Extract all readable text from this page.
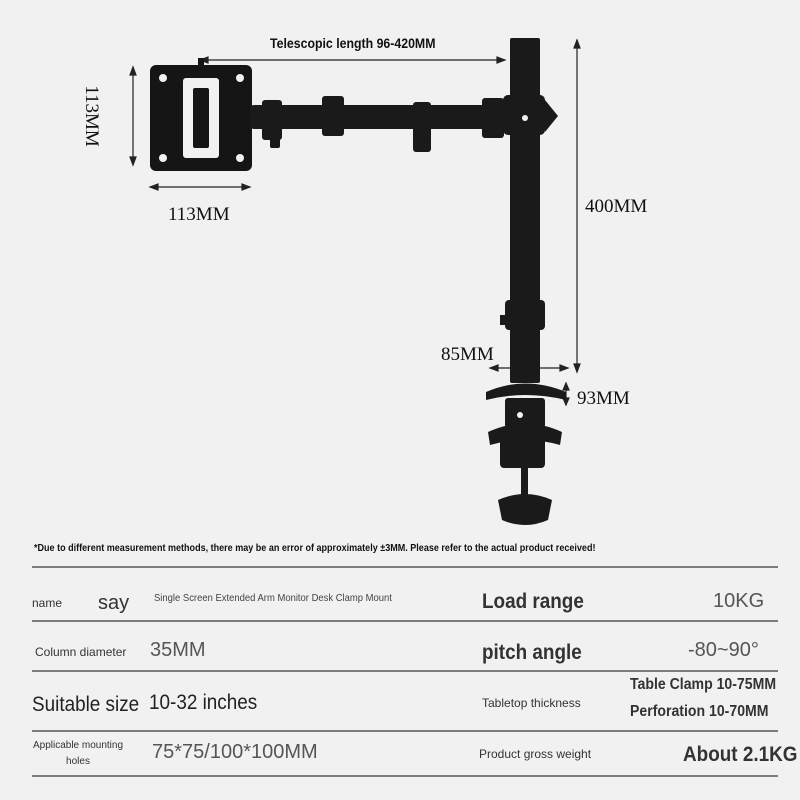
Telescopic length 96-420MM
113MM
113MM	400MM
85MM
93MM
*Due to different measurement methods, there may be an error of approximately ±3MM. Please refer to the actual product received!
name say Single Screen Extended Arm Monitor Desk Clamp Mount	Load range	10KG
Column diameter 35MM	pitch angle	-80~90°
Suitable size 10-32 inches	Tabletop thickness
Table Clamp 10-75MM
Perforation 10-70MM
Applicable mounting
holes	75*75/100*100MM	Product gross weight	About 2.1KG
